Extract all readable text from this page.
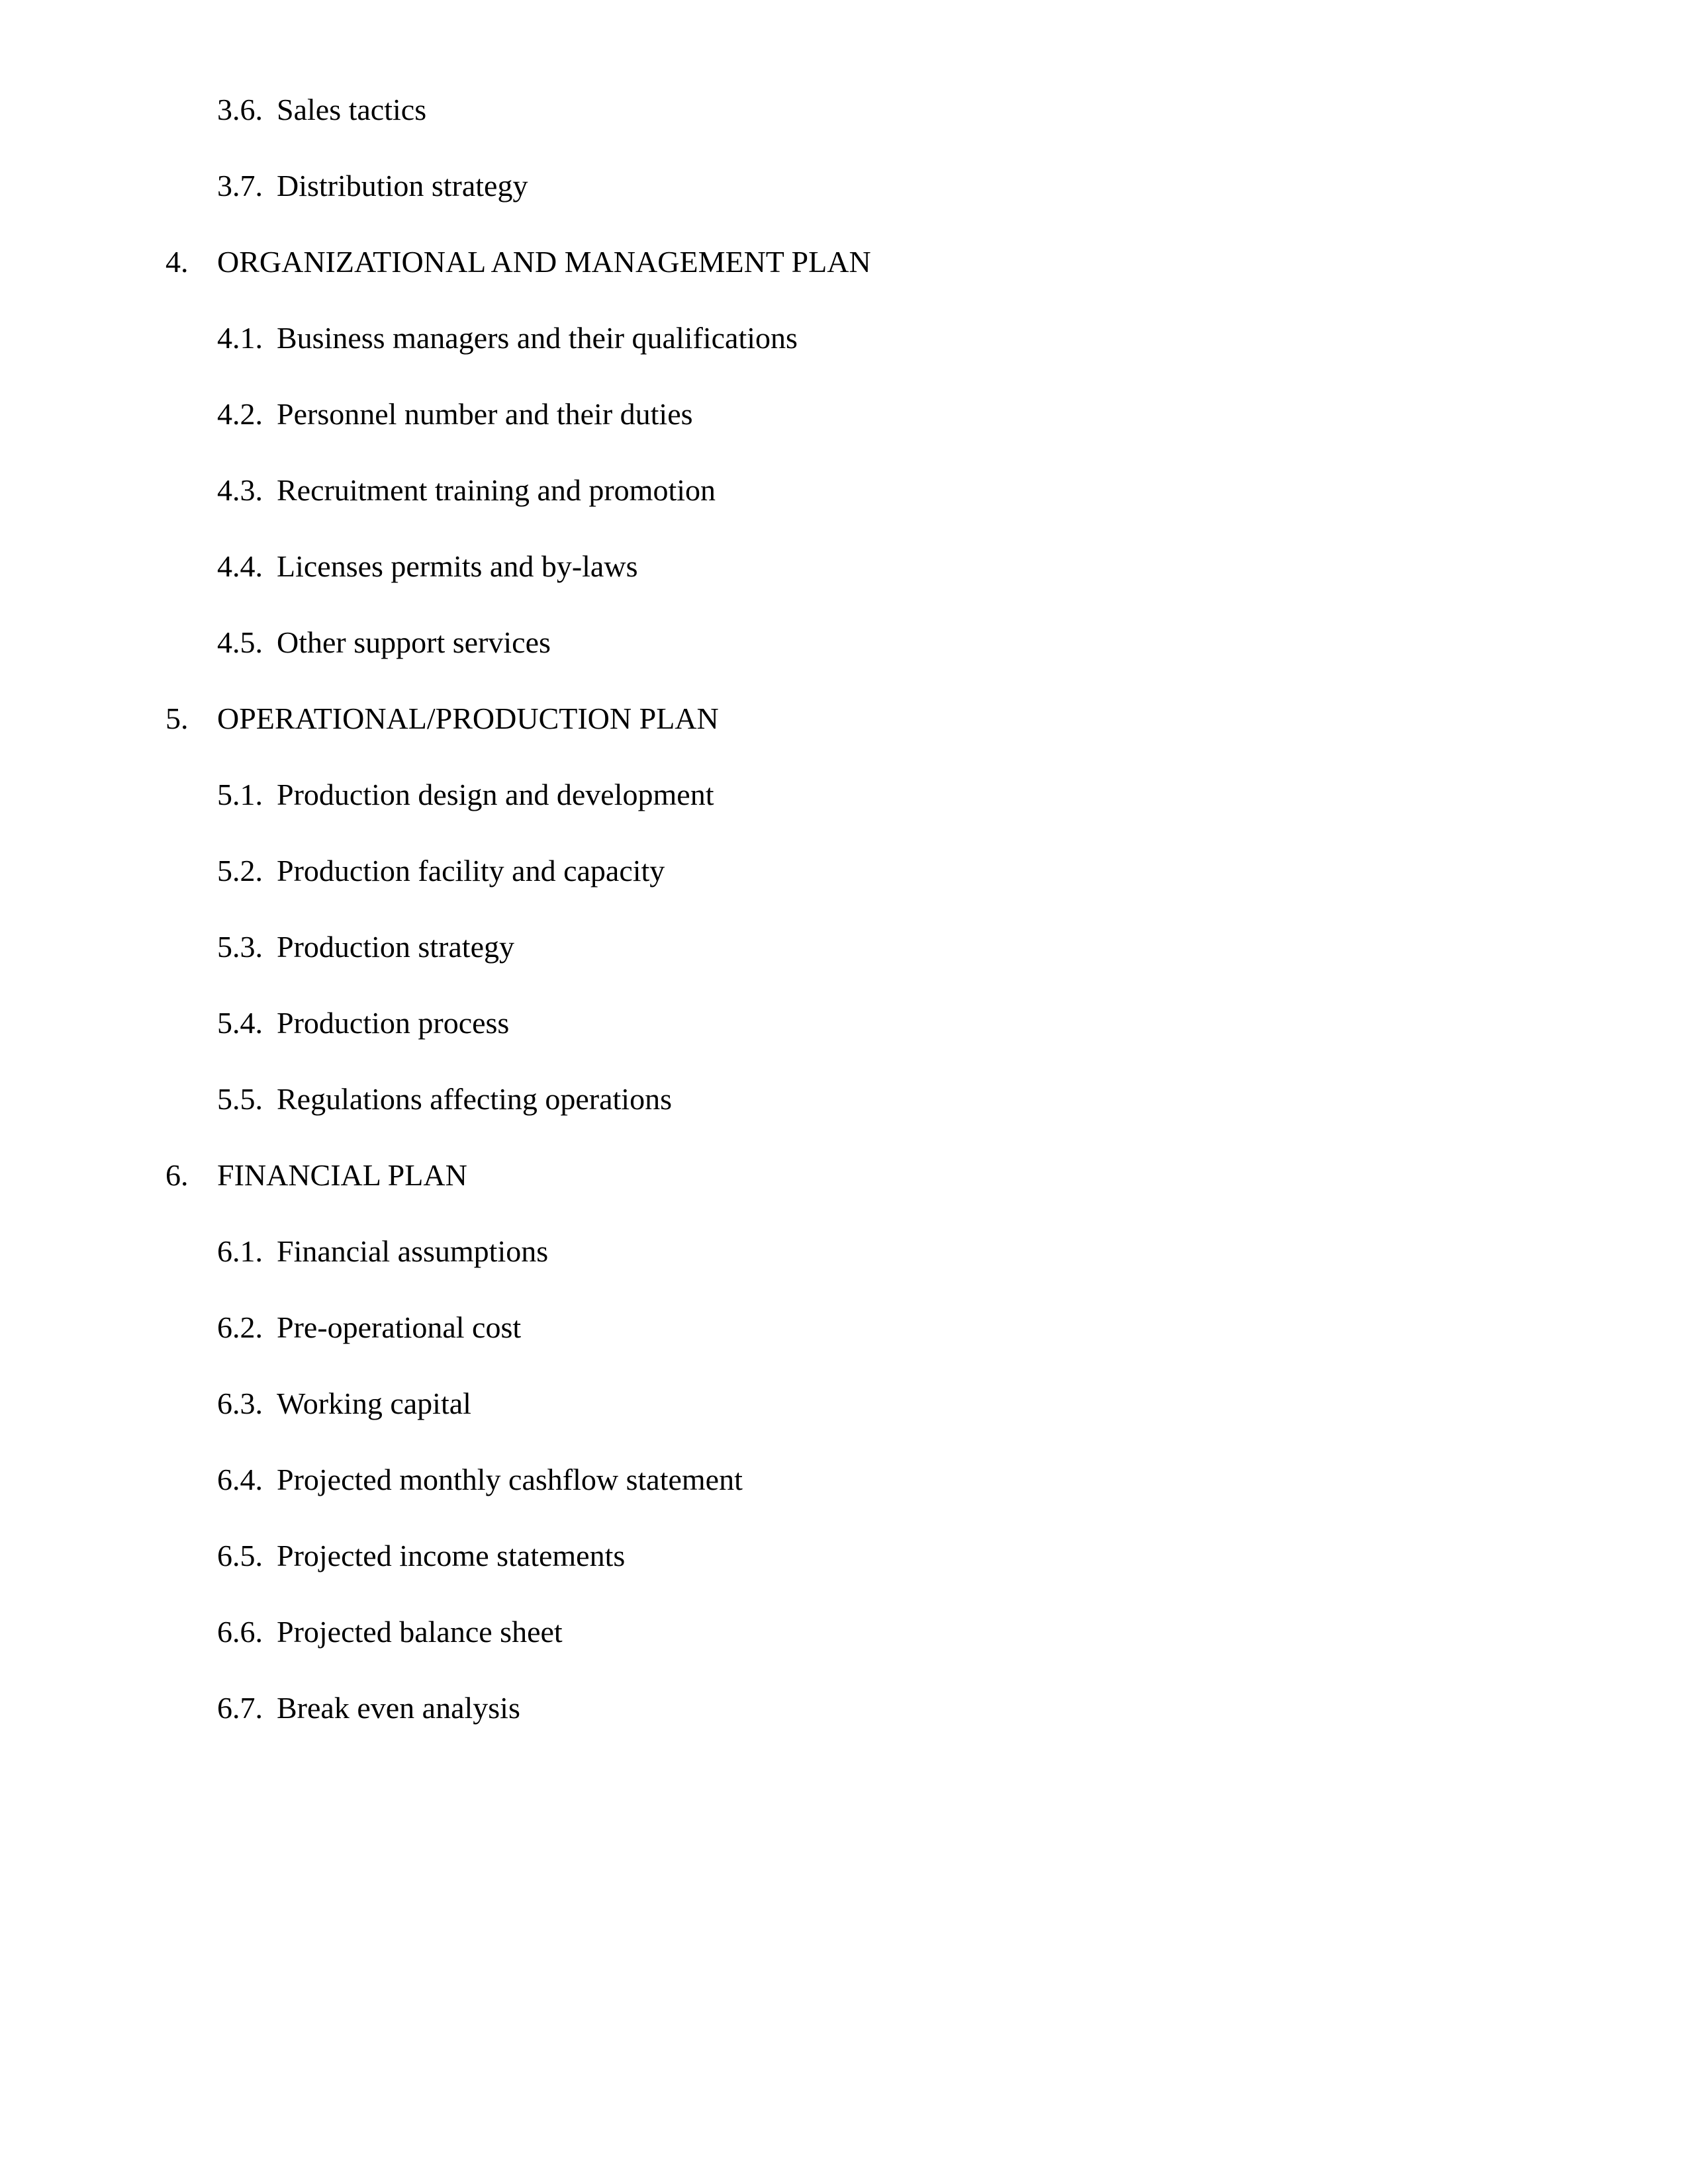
3.6. Sales tactics
3.7. Distribution strategy
4. ORGANIZATIONAL AND MANAGEMENT PLAN
4.1. Business managers and their qualifications
4.2. Personnel number and their duties
4.3. Recruitment training and promotion
4.4. Licenses permits and by-laws
4.5. Other support services
5. OPERATIONAL/PRODUCTION PLAN
5.1. Production design and development
5.2. Production facility and capacity
5.3. Production strategy
5.4. Production process
5.5. Regulations affecting operations
6. FINANCIAL PLAN
6.1. Financial assumptions
6.2. Pre-operational cost
6.3. Working capital
6.4. Projected monthly cashflow statement
6.5. Projected income statements
6.6. Projected balance sheet
6.7. Break even analysis
